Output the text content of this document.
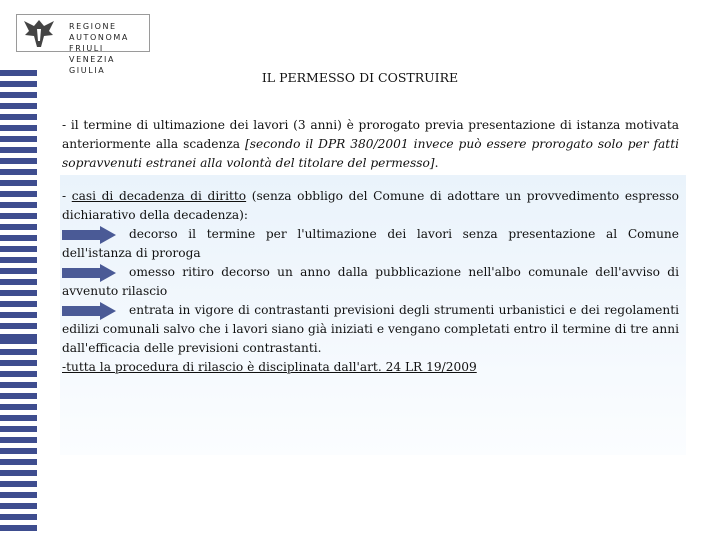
REGIONE AUTONOMA
FRIULI VENEZIA GIULIA	IL PERMESSO DI COSTRUIRE

- il termine di ultimazione dei lavori (3 anni) è prorogato previa presentazione di istanza motivata anteriormente alla scadenza [secondo il DPR 380/2001 invece può essere prorogato solo per fatti sopravvenuti estranei alla volontà del titolare del permesso].

- casi di decadenza di diritto (senza obbligo del Comune di adottare un provvedimento espresso dichiarativo della decadenza):

decorso il termine per l'ultimazione dei lavori senza presentazione al Comune dell'istanza di proroga
omesso ritiro decorso un anno dalla pubblicazione nell'albo comunale dell'avviso di avvenuto rilascio
entrata in vigore di contrastanti previsioni degli strumenti urbanistici e dei regolamenti edilizi comunali salvo che i lavori siano già iniziati e vengano completati entro il termine di tre anni dall'efficacia delle previsioni contrastanti.

-tutta la procedura di rilascio è disciplinata dall'art. 24 LR 19/2009
